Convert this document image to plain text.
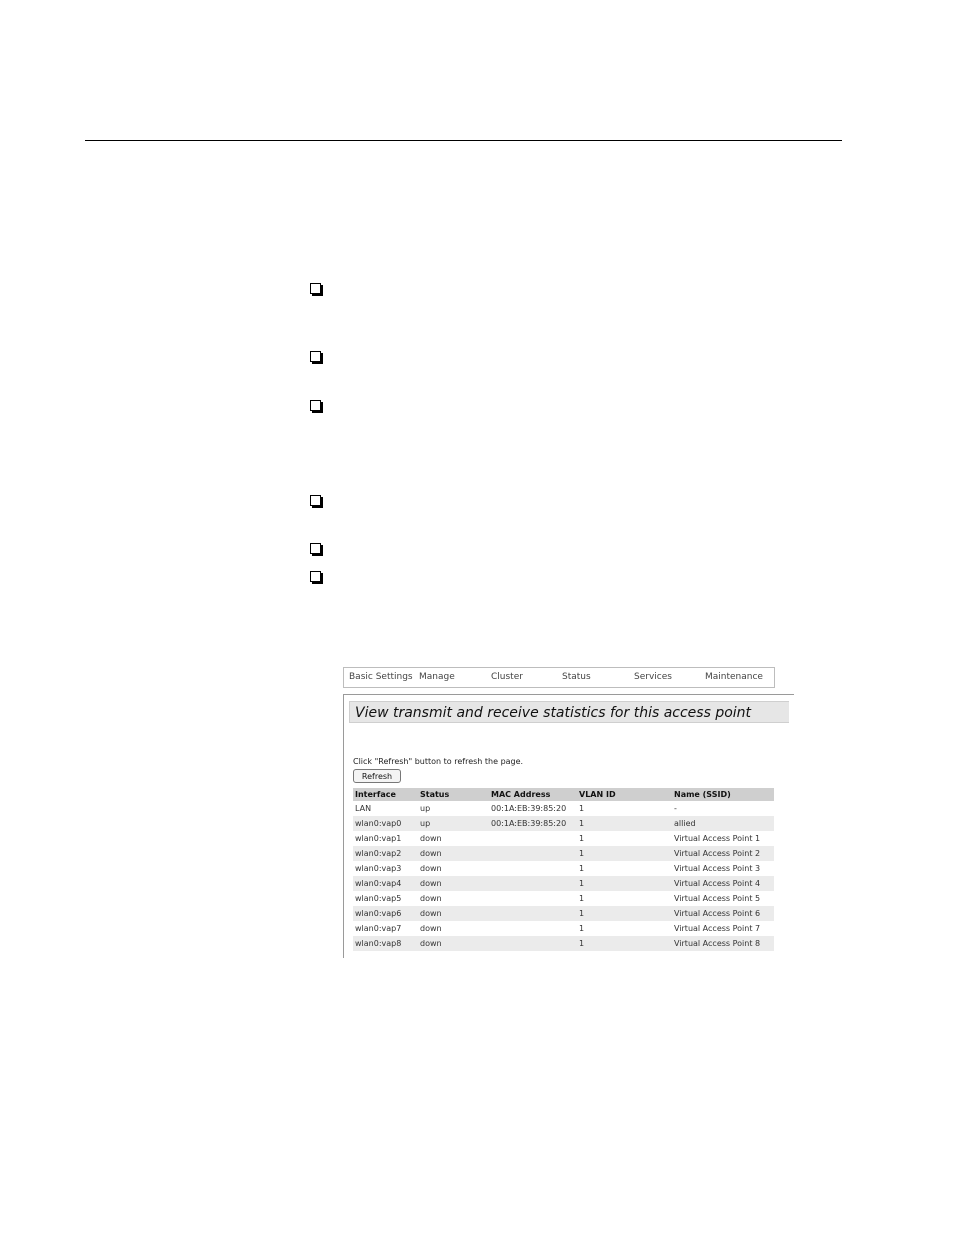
Basic Settings Manage	Cluster	Status	Services	Maintenance
View transmit and receive statistics for this access point
Click "Refresh" button to refresh the page.
Refresh
Interface	Status	MAC Address	VLAN ID	Name (SSID)
LAN	up	00:1A:EB:39:85:20	1	-
wlan0:vap0	up	00:1A:EB:39:85:20	1	allied
wlan0:vap1	down		1	Virtual Access Point 1
wlan0:vap2	down		1	Virtual Access Point 2
wlan0:vap3	down		1	Virtual Access Point 3
wlan0:vap4	down		1	Virtual Access Point 4
wlan0:vap5	down		1	Virtual Access Point 5
wlan0:vap6	down		1	Virtual Access Point 6
wlan0:vap7	down		1	Virtual Access Point 7
wlan0:vap8	down		1	Virtual Access Point 8
